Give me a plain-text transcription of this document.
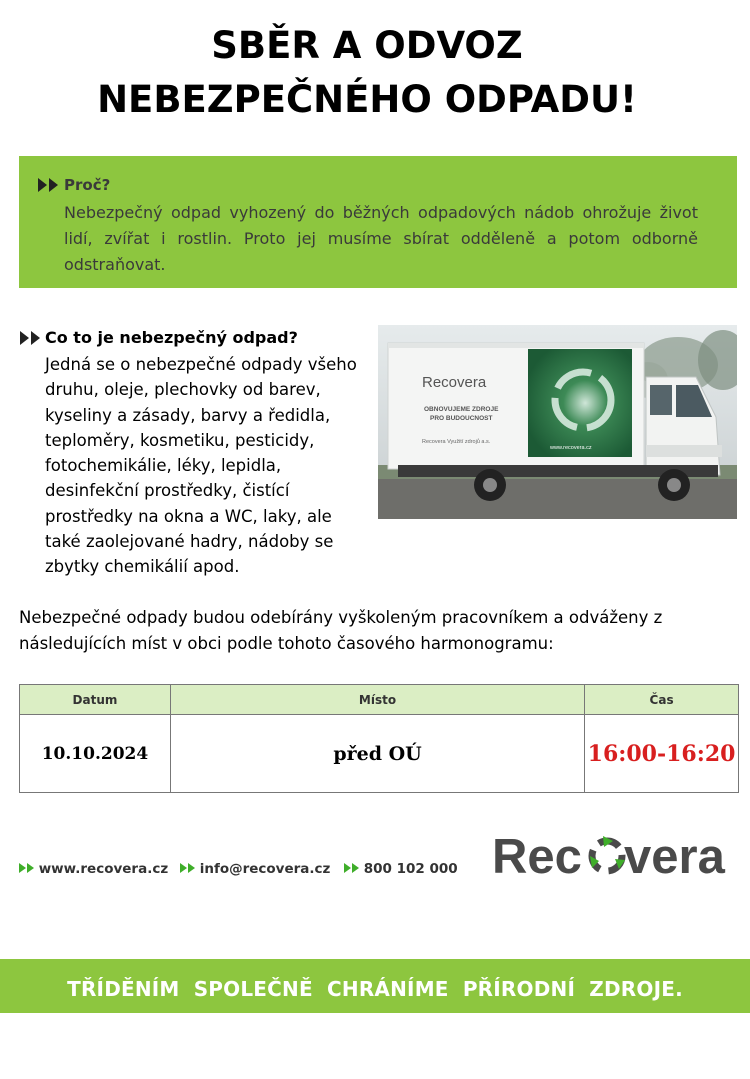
SBĚR A ODVOZ
NEBEZPEČNÉHO ODPADU!
Proč?
Nebezpečný odpad vyhozený do běžných odpadových nádob ohrožuje život lidí, zvířat i rostlin. Proto jej musíme sbírat odděleně a potom odborně odstraňovat.
Co to je nebezpečný odpad?
Jedná se o nebezpečné odpady všeho druhu, oleje, plechovky od barev, kyseliny a zásady, barvy a ředidla, teploměry, kosmetiku, pesticidy, fotochemikálie, léky, lepidla, desinfekční prostředky, čistící prostředky na okna a WC, laky, ale také zaolejované hadry, nádoby se zbytky chemikálií apod.
Recovera
OBNOVUJEME ZDROJE
PRO BUDOUCNOST
Recovera Využití zdrojů a.s.
www.recovera.cz
Nebezpečné odpady budou odebírány vyškoleným pracovníkem a odváženy z následujících míst v obci podle tohoto časového harmonogramu:
Datum	Místo	Čas
10.10.2024	před OÚ	16:00-16:20
www.recovera.cz	info@recovera.cz	800 102 000 Rec vera
TŘÍDĚNÍM SPOLEČNĚ CHRÁNÍME PŘÍRODNÍ ZDROJE. DĚKUJEME.
